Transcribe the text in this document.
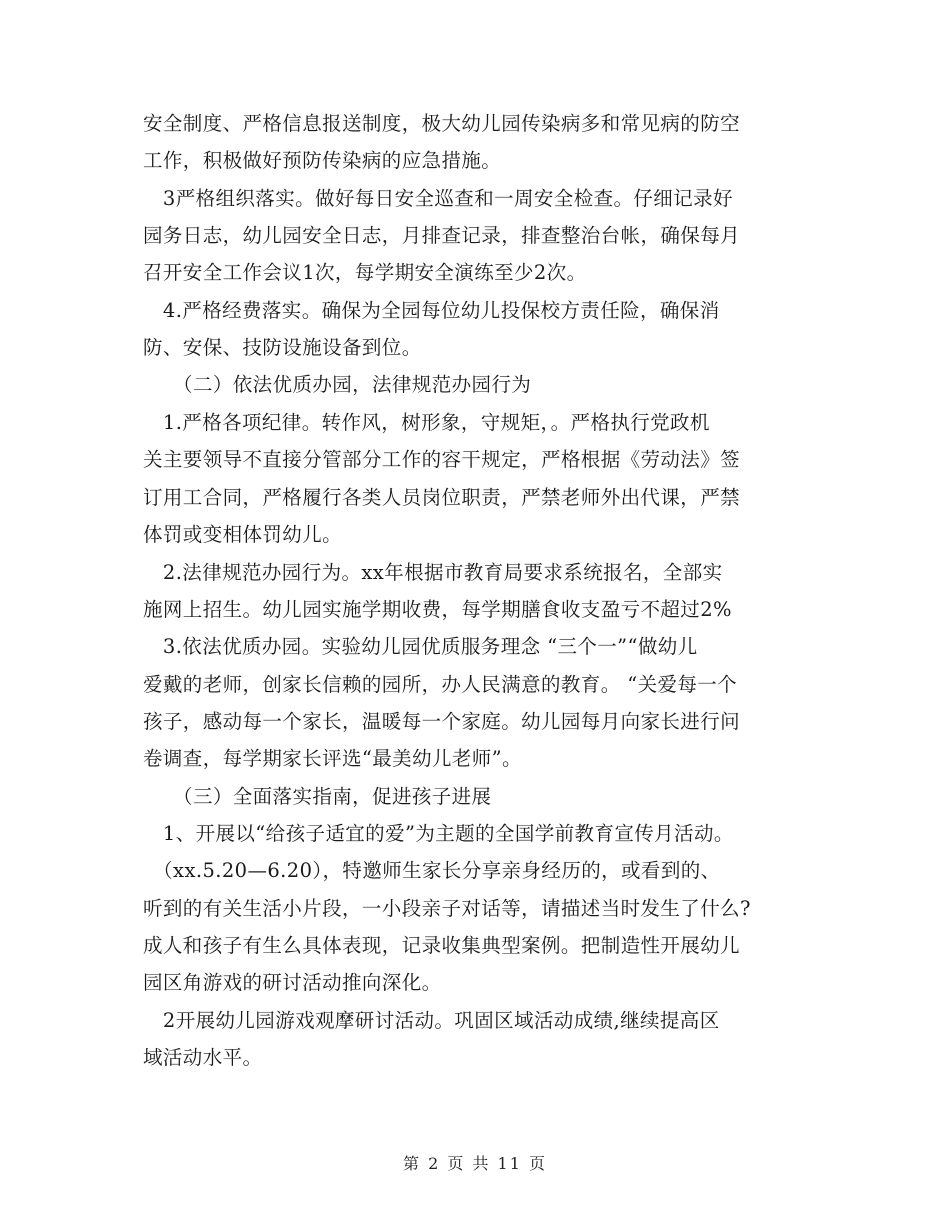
安全制度、严格信息报送制度，极大幼儿园传染病多和常见病的防空
工作，积极做好预防传染病的应急措施。
　3严格组织落实。做好每日安全巡查和一周安全检查。仔细记录好
园务日志，幼儿园安全日志，月排查记录，排查整治台帐，确保每月
召开安全工作会议1次，每学期安全演练至少2次。
　4.严格经费落实。确保为全园每位幼儿投保校方责任险，确保消
防、安保、技防设施设备到位。
　　（二）依法优质办园，法律规范办园行为
　1.严格各项纪律。转作风，树形象，守规矩，。严格执行党政机
关主要领导不直接分管部分工作的容干规定，严格根据《劳动法》签
订用工合同，严格履行各类人员岗位职责，严禁老师外出代课，严禁
体罚或变相体罚幼儿。
　2.法律规范办园行为。xx年根据市教育局要求系统报名，全部实
施网上招生。幼儿园实施学期收费，每学期膳食收支盈亏不超过2%
　3.依法优质办园。实验幼儿园优质服务理念 “三个一”“做幼儿
爱戴的老师，创家长信赖的园所，办人民满意的教育。 “关爱每一个
孩子，感动每一个家长，温暖每一个家庭。幼儿园每月向家长进行问
卷调查，每学期家长评选“最美幼儿老师”。
　　（三）全面落实指南，促进孩子进展
　1、开展以“给孩子适宜的爱”为主题的全国学前教育宣传月活动。
　（xx.5.20—6.20），特邀师生家长分享亲身经历的，或看到的、
听到的有关生活小片段，一小段亲子对话等，请描述当时发生了什么?
成人和孩子有生么具体表现，记录收集典型案例。把制造性开展幼儿
园区角游戏的研讨活动推向深化。
　2开展幼儿园游戏观摩研讨活动。巩固区域活动成绩,继续提高区
域活动水平。
第 2 页 共 11 页
